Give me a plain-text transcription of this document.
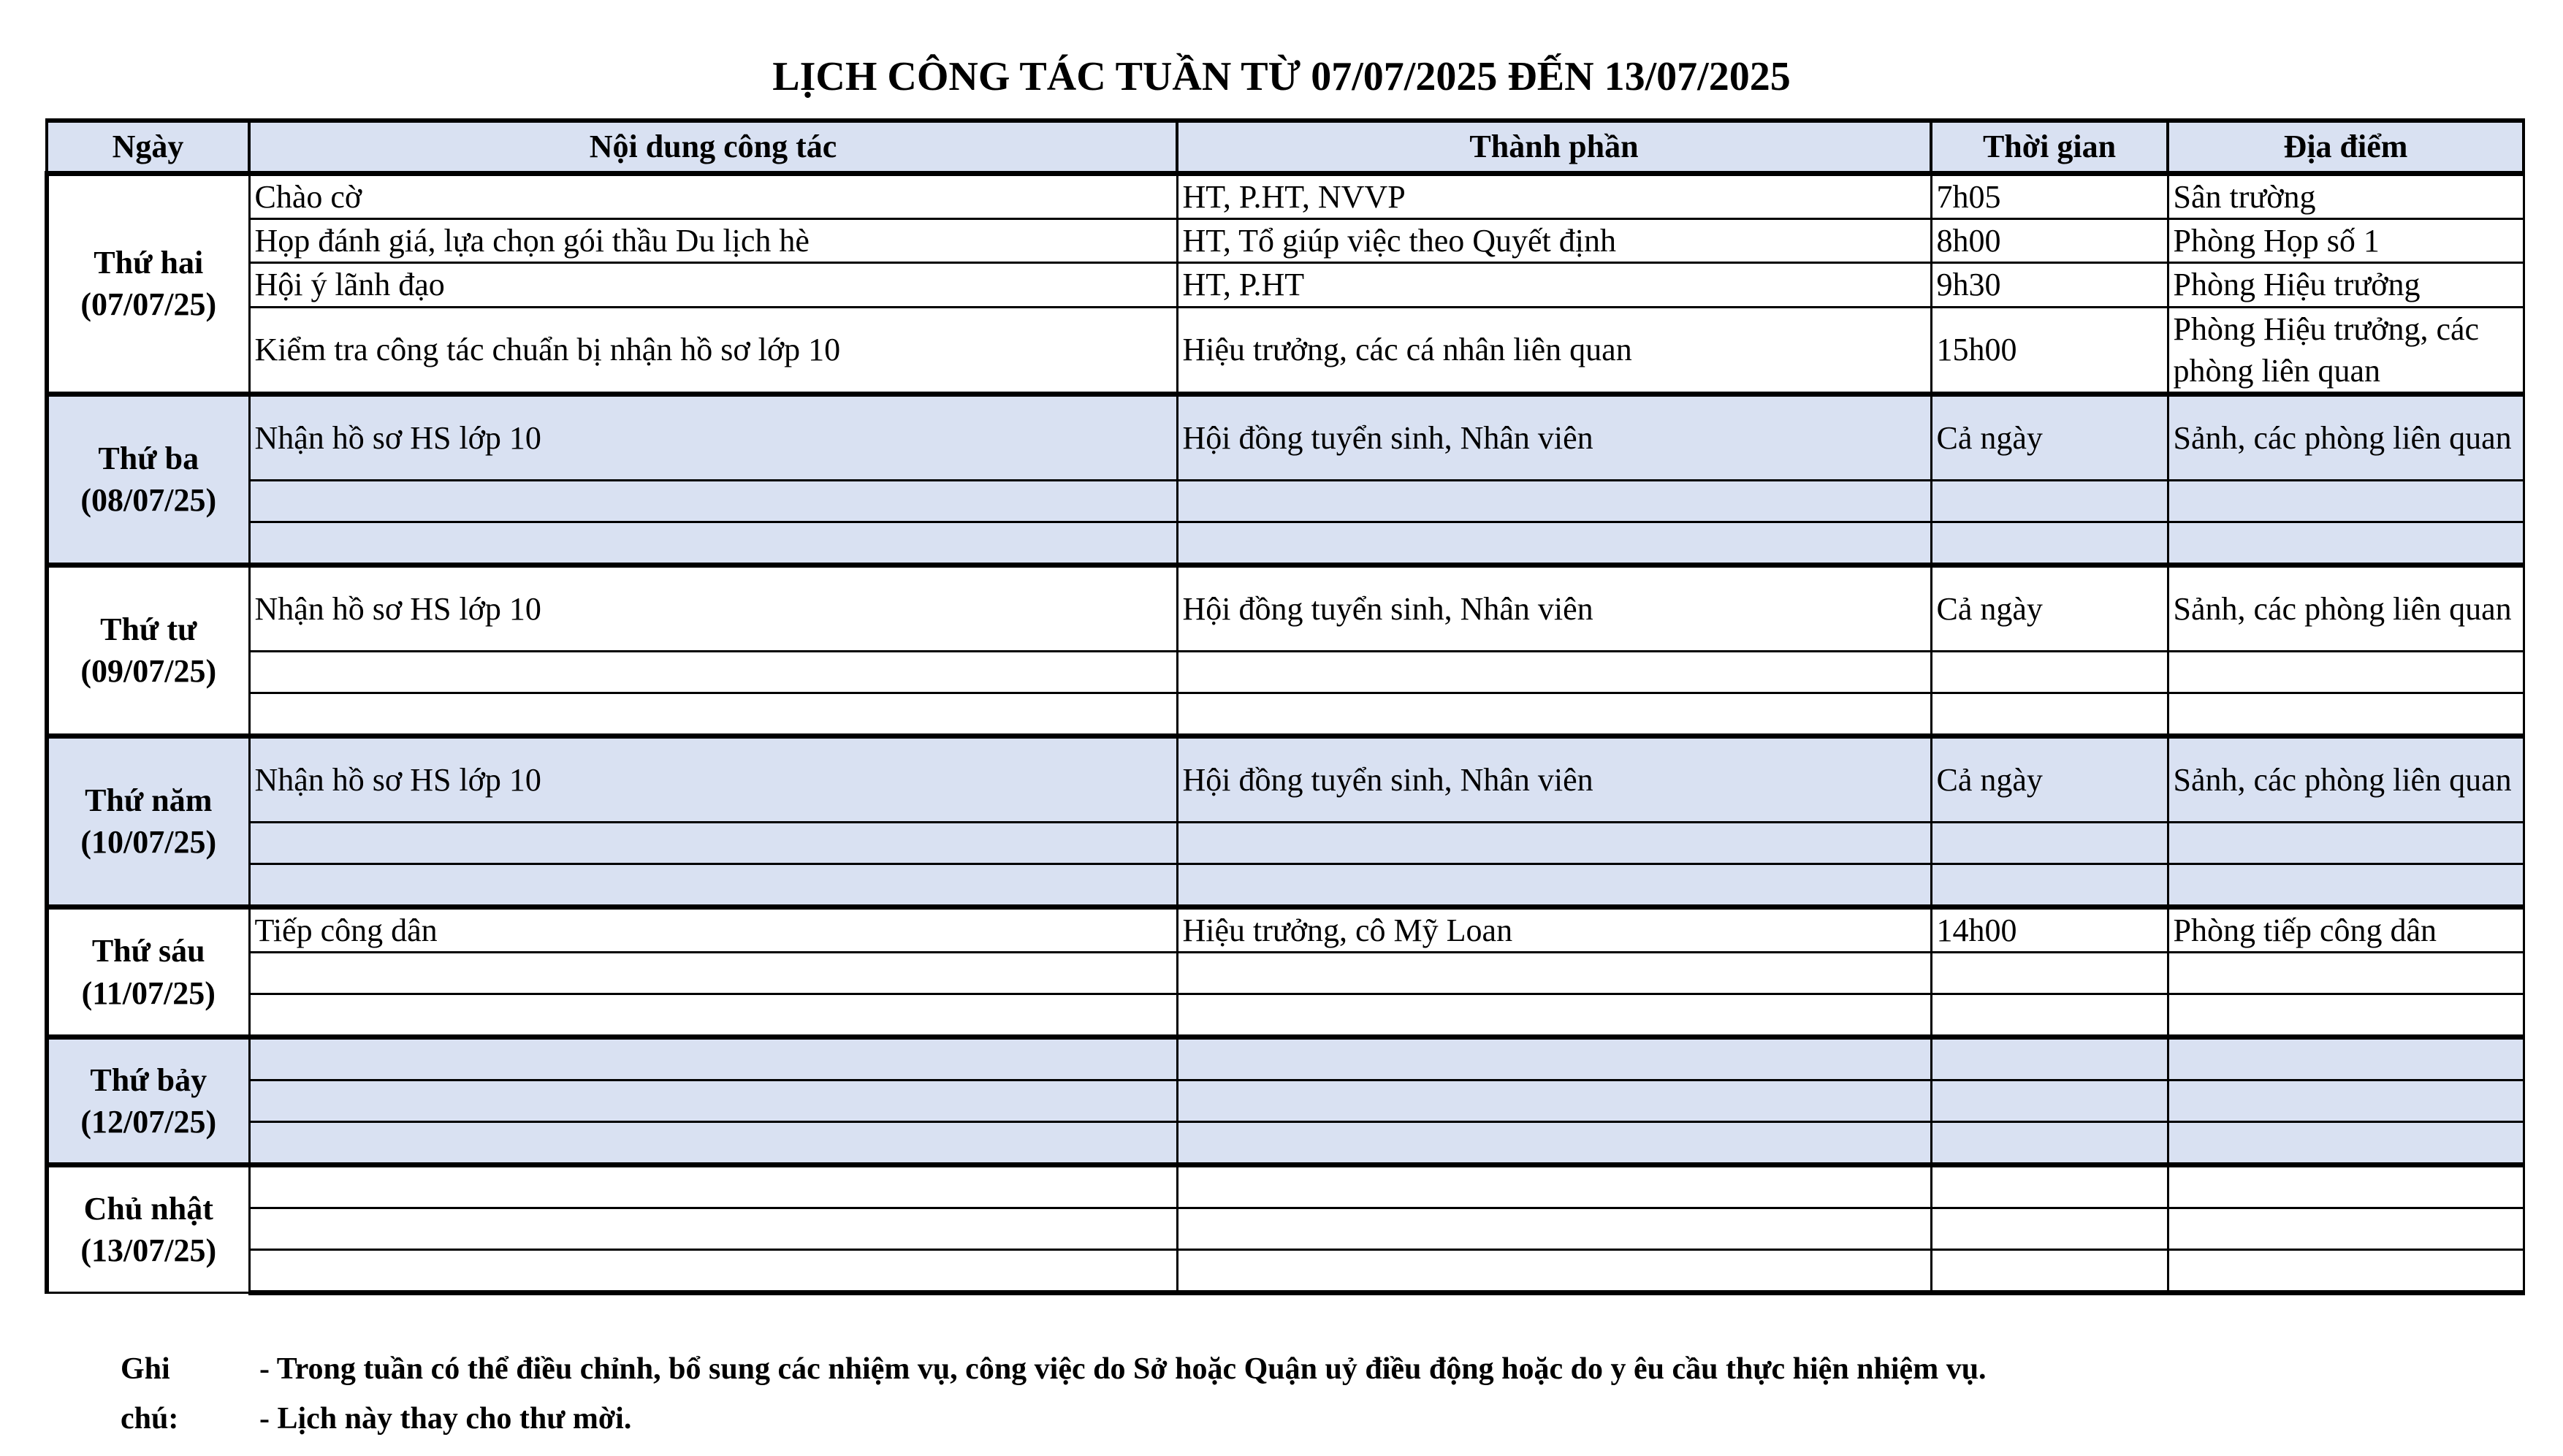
LỊCH CÔNG TÁC TUẦN TỪ 07/07/2025 ĐẾN 13/07/2025
Ngày	Nội dung công tác	Thành phần	Thời gian	Địa điểm

Thứ hai
(07/07/25)	Chào cờ	HT, P.HT, NVVP	7h05	Sân trường
	Họp đánh giá, lựa chọn gói thầu Du lịch hè	HT, Tổ giúp việc theo Quyết định	8h00	Phòng Họp số 1
	Hội ý lãnh đạo	HT, P.HT	9h30	Phòng Hiệu trưởng
	Kiểm tra công tác chuẩn bị nhận hồ sơ lớp 10	Hiệu trưởng, các cá nhân liên quan	15h00	Phòng Hiệu trưởng, các phòng liên quan

Thứ ba
(08/07/25)	Nhận hồ sơ HS lớp 10	Hội đồng tuyển sinh, Nhân viên	Cả ngày	Sảnh, các phòng liên quan

Thứ tư
(09/07/25)	Nhận hồ sơ HS lớp 10	Hội đồng tuyển sinh, Nhân viên	Cả ngày	Sảnh, các phòng liên quan

Thứ năm
(10/07/25)	Nhận hồ sơ HS lớp 10	Hội đồng tuyển sinh, Nhân viên	Cả ngày	Sảnh, các phòng liên quan

Thứ sáu
(11/07/25)	Tiếp công dân	Hiệu trưởng, cô Mỹ Loan	14h00	Phòng tiếp công dân

Thứ bảy
(12/07/25)				

Chủ nhật
(13/07/25)				

Ghi chú:
- Trong tuần có thể điều chỉnh, bổ sung các nhiệm vụ, công việc do Sở hoặc Quận uỷ điều động hoặc do y êu cầu thực hiện nhiệm vụ.
- Lịch này thay cho thư mời.
